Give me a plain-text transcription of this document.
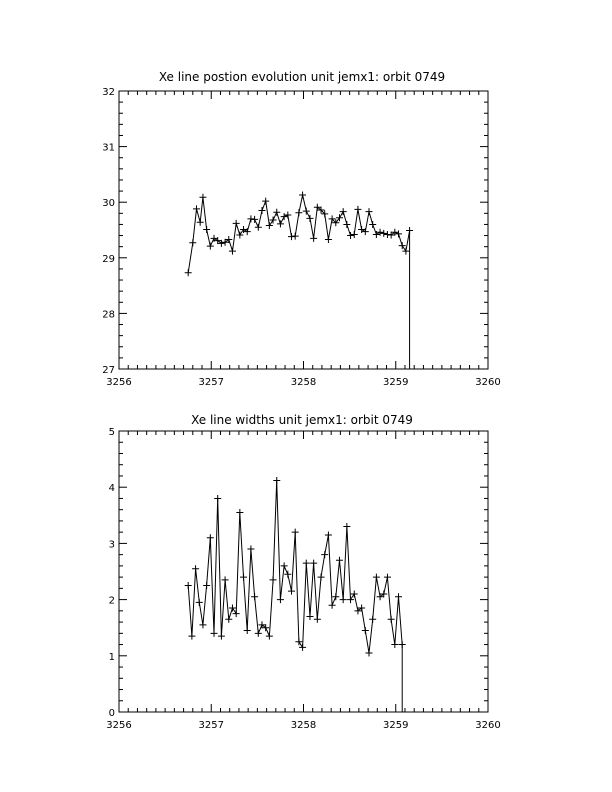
Xe line postion evolution unit jemx1: orbit 0749
3256	3257	3258	3259	3260
27
28
29
30
31
32
Xe line widths unit jemx1: orbit 0749
3256	3257	3258	3259	3260
0
1
2
3
4
5
